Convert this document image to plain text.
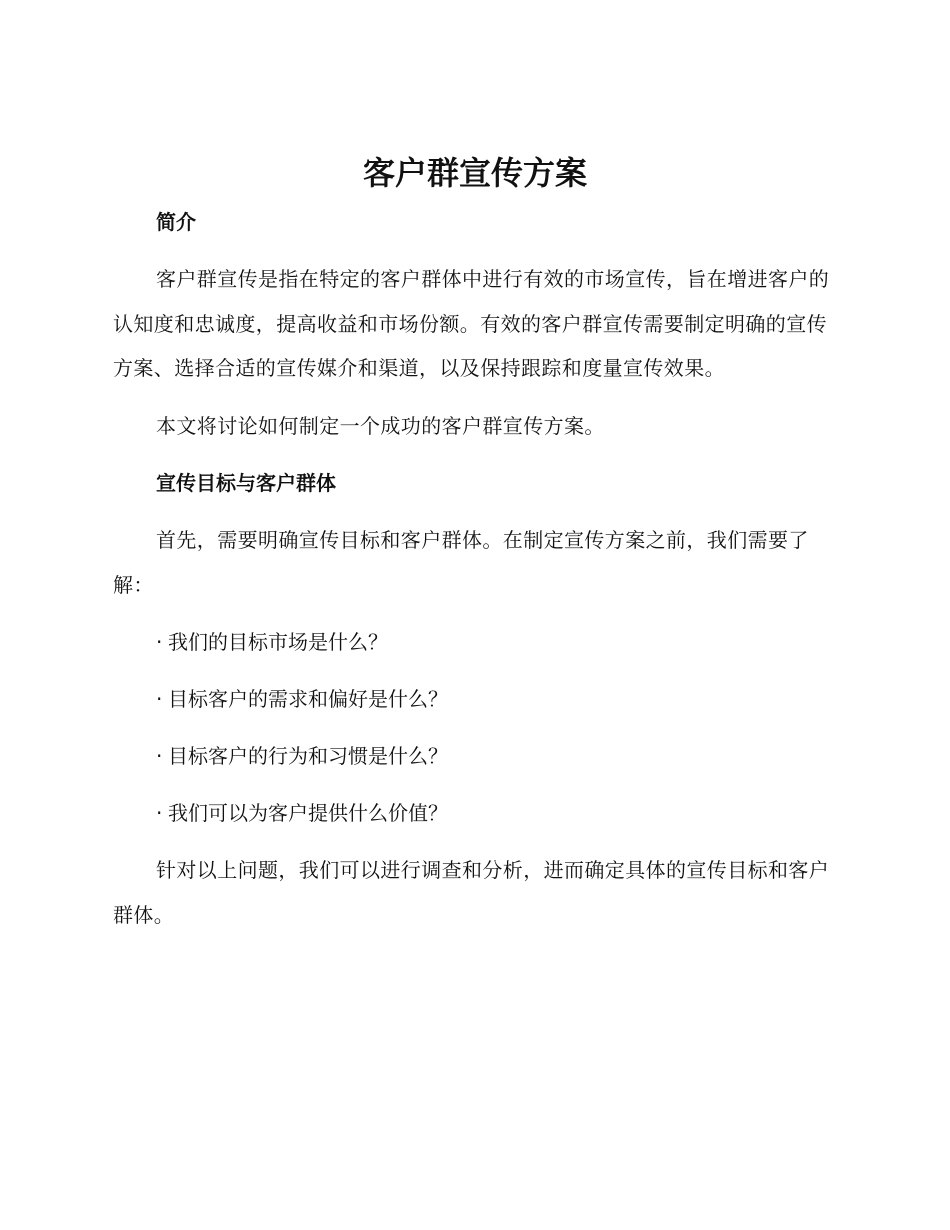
客户群宣传方案
简介

客户群宣传是指在特定的客户群体中进行有效的市场宣传，旨在增进客户的认知度和忠诚度，提高收益和市场份额。有效的客户群宣传需要制定明确的宣传方案、选择合适的宣传媒介和渠道，以及保持跟踪和度量宣传效果。

本文将讨论如何制定一个成功的客户群宣传方案。

宣传目标与客户群体

首先，需要明确宣传目标和客户群体。在制定宣传方案之前，我们需要了解：

· 我们的目标市场是什么？
· 目标客户的需求和偏好是什么？
· 目标客户的行为和习惯是什么？
· 我们可以为客户提供什么价值？

针对以上问题，我们可以进行调查和分析，进而确定具体的宣传目标和客户群体。
